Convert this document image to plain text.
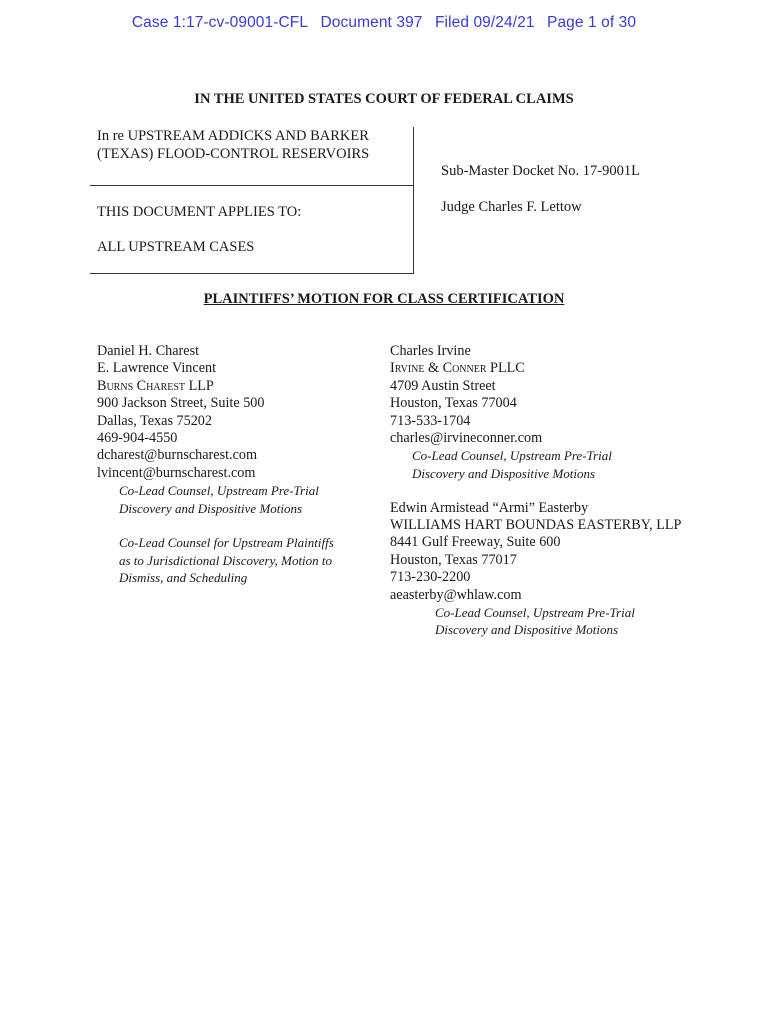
Case 1:17-cv-09001-CFL Document 397 Filed 09/24/21 Page 1 of 30
IN THE UNITED STATES COURT OF FEDERAL CLAIMS
In re UPSTREAM ADDICKS AND BARKER
(TEXAS) FLOOD-CONTROL RESERVOIRS
THIS DOCUMENT APPLIES TO:
ALL UPSTREAM CASES
Sub-Master Docket No. 17-9001L
Judge Charles F. Lettow
PLAINTIFFS’ MOTION FOR CLASS CERTIFICATION
Daniel H. Charest
E. Lawrence Vincent
Burns Charest LLP
900 Jackson Street, Suite 500
Dallas, Texas 75202
469-904-4550
dcharest@burnscharest.com
lvincent@burnscharest.com
Co-Lead Counsel, Upstream Pre-Trial
Discovery and Dispositive Motions
Co-Lead Counsel for Upstream Plaintiffs
as to Jurisdictional Discovery, Motion to
Dismiss, and Scheduling
Charles Irvine
Irvine & Conner PLLC
4709 Austin Street
Houston, Texas 77004
713-533-1704
charles@irvineconner.com
Co-Lead Counsel, Upstream Pre-Trial
Discovery and Dispositive Motions
Edwin Armistead “Armi” Easterby
WILLIAMS HART BOUNDAS EASTERBY, LLP
8441 Gulf Freeway, Suite 600
Houston, Texas 77017
713-230-2200
aeasterby@whlaw.com
Co-Lead Counsel, Upstream Pre-Trial
Discovery and Dispositive Motions
